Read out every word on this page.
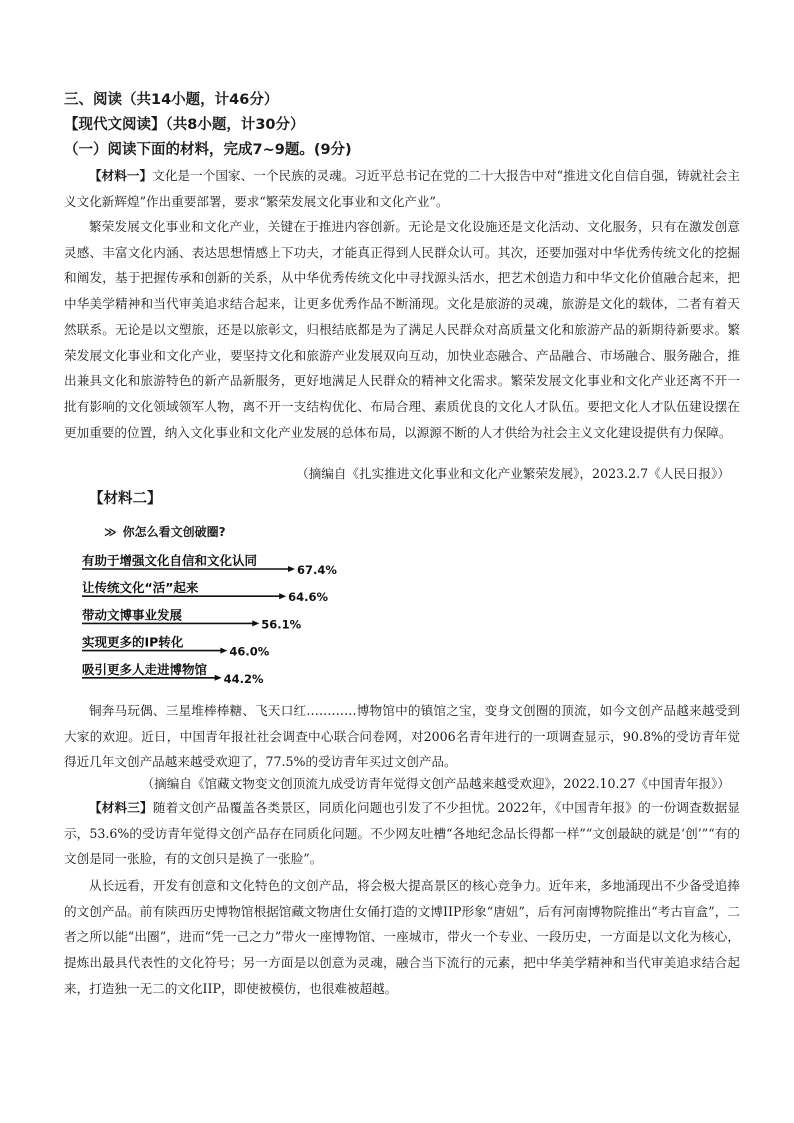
三、阅读（共14小题，计46分）
【现代文阅读】（共8小题，计30分）
（一）阅读下面的材料，完成7~9题。(9分)

【材料一】文化是一个国家、一个民族的灵魂。习近平总书记在党的二十大报告中对“推进文化自信自强，铸就社会主义文化新辉煌”作出重要部署，要求“繁荣发展文化事业和文化产业”。

繁荣发展文化事业和文化产业，关键在于推进内容创新。无论是文化设施还是文化活动、文化服务，只有在激发创意灵感、丰富文化内涵、表达思想情感上下功夫，才能真正得到人民群众认可。其次，还要加强对中华优秀传统文化的挖掘和阐发，基于把握传承和创新的关系，从中华优秀传统文化中寻找源头活水，把艺术创造力和中华文化价值融合起来，把中华美学精神和当代审美追求结合起来，让更多优秀作品不断涌现。文化是旅游的灵魂，旅游是文化的载体，二者有着天然联系。无论是以文塑旅，还是以旅彰文，归根结底都是为了满足人民群众对高质量文化和旅游产品的新期待新要求。繁荣发展文化事业和文化产业，要坚持文化和旅游产业发展双向互动，加快业态融合、产品融合、市场融合、服务融合，推出兼具文化和旅游特色的新产品新服务，更好地满足人民群众的精神文化需求。繁荣发展文化事业和文化产业还离不开一批有影响的文化领域领军人物，离不开一支结构优化、布局合理、素质优良的文化人才队伍。要把文化人才队伍建设摆在更加重要的位置，纳入文化事业和文化产业发展的总体布局，以源源不断的人才供给为社会主义文化建设提供有力保障。

（摘编自《扎实推进文化事业和文化产业繁荣发展》，2023.2.7《人民日报》）
【材料二】
≫ 你怎么看文创破圈?
有助于增强文化自信和文化认同
67.4%
让传统文化“活”起来
64.6%
带动文博事业发展
56.1%
实现更多的IP转化
46.0%
吸引更多人走进博物馆
44.2%

铜奔马玩偶、三星堆棒棒糖、飞天口红…………博物馆中的镇馆之宝，变身文创圈的顶流，如今文创产品越来越受到大家的欢迎。近日，中国青年报社社会调查中心联合问卷网，对2006名青年进行的一项调查显示，90.8%的受访青年觉得近几年文创产品越来越受欢迎了，77.5%的受访青年买过文创产品。

（摘编自《馆藏文物变文创顶流九成受访青年觉得文创产品越来越受欢迎》，2022.10.27《中国青年报》）

【材料三】随着文创产品覆盖各类景区，同质化问题也引发了不少担忧。2022年，《中国青年报》的一份调查数据显示，53.6%的受访青年觉得文创产品存在同质化问题。不少网友吐槽“各地纪念品长得都一样”“文创最缺的就是‘创’”“有的文创是同一张脸，有的文创只是换了一张脸”。

从长远看，开发有创意和文化特色的文创产品，将会极大提高景区的核心竞争力。近年来，多地涌现出不少备受追捧的文创产品。前有陕西历史博物馆根据馆藏文物唐仕女俑打造的文博IIP形象“唐妞”，后有河南博物院推出“考古盲盒”，二者之所以能“出圈”，进而“凭一己之力”带火一座博物馆、一座城市，带火一个专业、一段历史，一方面是以文化为核心，提炼出最具代表性的文化符号；另一方面是以创意为灵魂，融合当下流行的元素，把中华美学精神和当代审美追求结合起来，打造独一无二的文化IIP，即使被模仿，也很难被超越。
